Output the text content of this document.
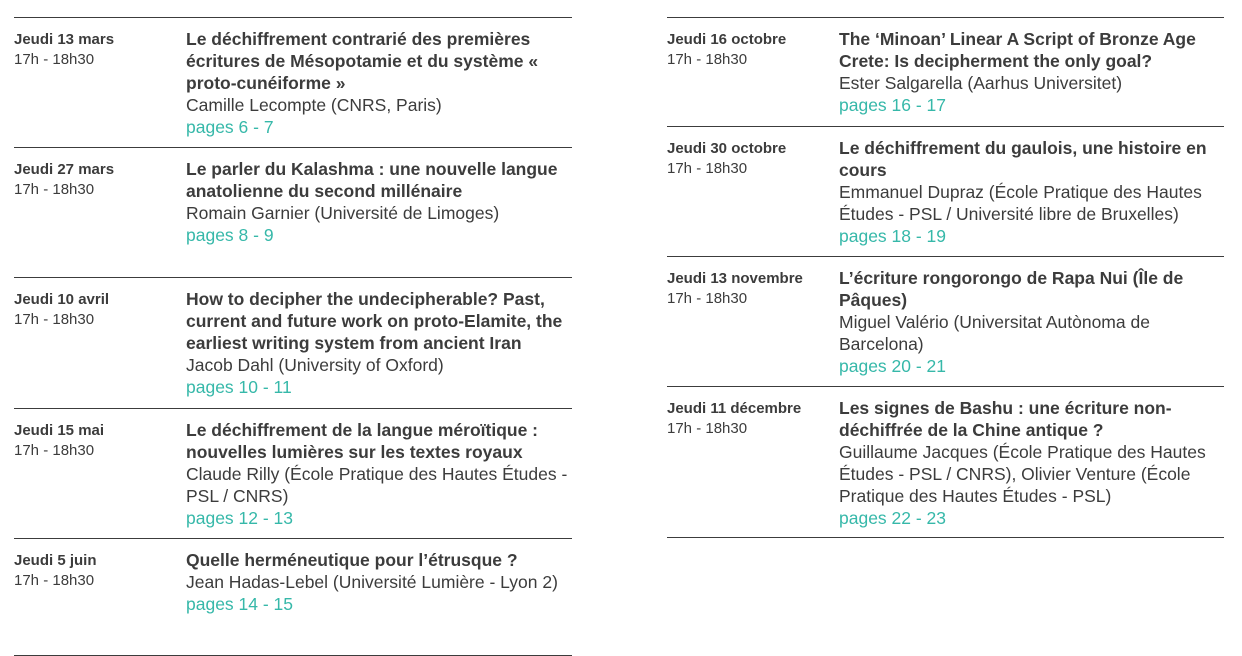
Jeudi 13 mars
17h - 18h30
Le déchiffrement contrarié des premières écritures de Mésopotamie et du système « proto-cunéiforme »
Camille Lecompte (CNRS, Paris)
pages 6 - 7
Jeudi 27 mars
17h - 18h30
Le parler du Kalashma : une nouvelle langue anatolienne du second millénaire
Romain Garnier (Université de Limoges)
pages 8 - 9
Jeudi 10 avril
17h - 18h30
How to decipher the undecipherable? Past, current and future work on proto-Elamite, the earliest writing system from ancient Iran
Jacob Dahl (University of Oxford)
pages 10 - 11
Jeudi 15 mai
17h - 18h30
Le déchiffrement de la langue méroïtique : nouvelles lumières sur les textes royaux
Claude Rilly (École Pratique des Hautes Études - PSL / CNRS)
pages 12 - 13
Jeudi 5 juin
17h - 18h30
Quelle herméneutique pour l’étrusque ?
Jean Hadas-Lebel (Université Lumière - Lyon 2)
pages 14 - 15
Jeudi 16 octobre
17h - 18h30
The ‘Minoan’ Linear A Script of Bronze Age Crete: Is decipherment the only goal?
Ester Salgarella (Aarhus Universitet)
pages 16 - 17
Jeudi 30 octobre
17h - 18h30
Le déchiffrement du gaulois, une histoire en cours
Emmanuel Dupraz (École Pratique des Hautes Études - PSL / Université libre de Bruxelles)
pages 18 - 19
Jeudi 13 novembre
17h - 18h30
L’écriture rongorongo de Rapa Nui (Île de Pâques)
Miguel Valério (Universitat Autònoma de Barcelona)
pages 20 - 21
Jeudi 11 décembre
17h - 18h30
Les signes de Bashu : une écriture non-déchiffrée de la Chine antique ?
Guillaume Jacques (École Pratique des Hautes Études - PSL / CNRS), Olivier Venture (École Pratique des Hautes Études - PSL)
pages 22 - 23
